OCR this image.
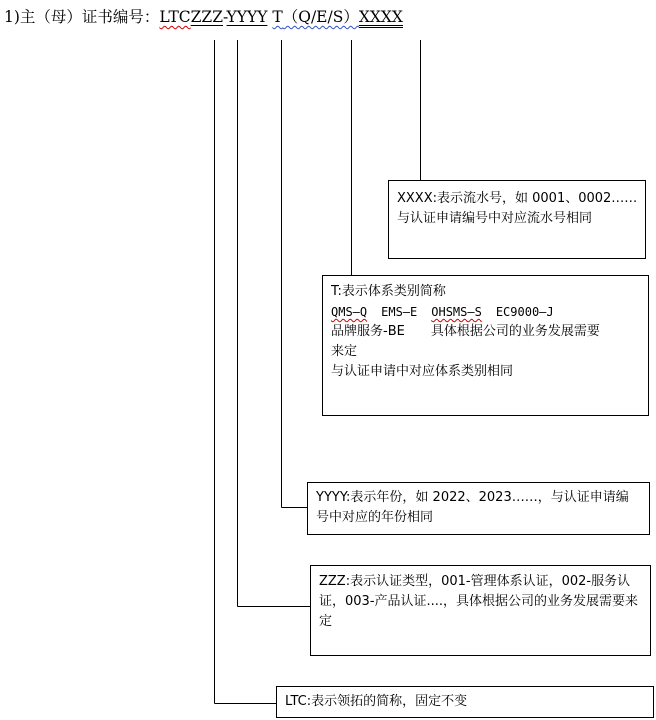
1)主（母）证书编号：LTCZZZ-YYYY T（Q/E/S）XXXX
XXXX:表示流水号，如 0001、0002……
与认证申请编号中对应流水号相同
T:表示体系类别简称
QMS—Q EMS—E OHSMS—S EC9000—J
品牌服务-BE 具体根据公司的业务发展需要
来定
与认证申请中对应体系类别相同
YYYY:表示年份，如 2022、2023……，与认证申请编号中对应的年份相同
ZZZ:表示认证类型，001-管理体系认证，002-服务认证，003-产品认证....，具体根据公司的业务发展需要来定
LTC:表示领拓的简称，固定不变
